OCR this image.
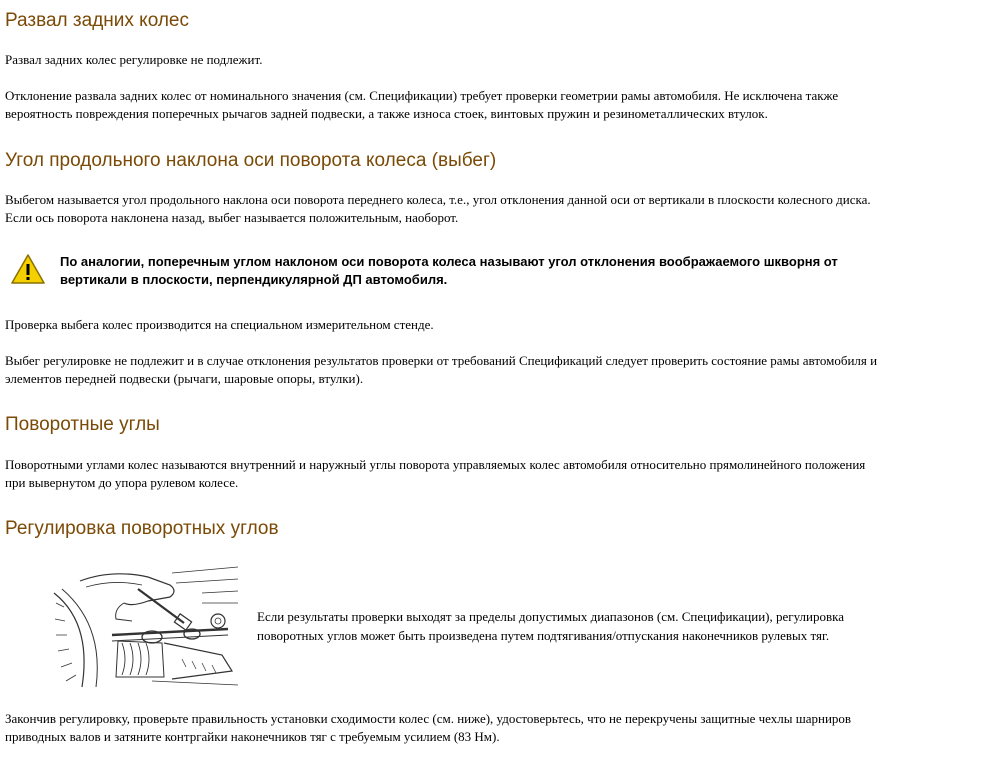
Развал задних колес

Развал задних колес регулировке не подлежит.

Отклонение развала задних колес от номинального значения (см. Спецификации) требует проверки геометрии рамы автомобиля. Не исключена также
вероятность повреждения поперечных рычагов задней подвески, а также износа стоек, винтовых пружин и резинометаллических втулок.

Угол продольного наклона оси поворота колеса (выбег)

Выбегом называется угол продольного наклона оси поворота переднего колеса, т.е., угол отклонения данной оси от вертикали в плоскости колесного диска.
Если ось поворота наклонена назад, выбег называется положительным, наоборот.

По аналогии, поперечным углом наклоном оси поворота колеса называют угол отклонения воображаемого шкворня от
вертикали в плоскости, перпендикулярной ДП автомобиля.

Проверка выбега колес производится на специальном измерительном стенде.

Выбег регулировке не подлежит и в случае отклонения результатов проверки от требований Спецификаций следует проверить состояние рамы автомобиля и
элементов передней подвески (рычаги, шаровые опоры, втулки).

Поворотные углы

Поворотными углами колес называются внутренний и наружный углы поворота управляемых колес автомобиля относительно прямолинейного положения
при вывернутом до упора рулевом колесе.

Регулировка поворотных углов

Если результаты проверки выходят за пределы допустимых диапазонов (см. Спецификации), регулировка
поворотных углов может быть произведена путем подтягивания/отпускания наконечников рулевых тяг.

Закончив регулировку, проверьте правильность установки сходимости колес (см. ниже), удостоверьтесь, что не перекручены защитные чехлы шарниров
приводных валов и затяните контргайки наконечников тяг с требуемым усилием (83 Нм).
